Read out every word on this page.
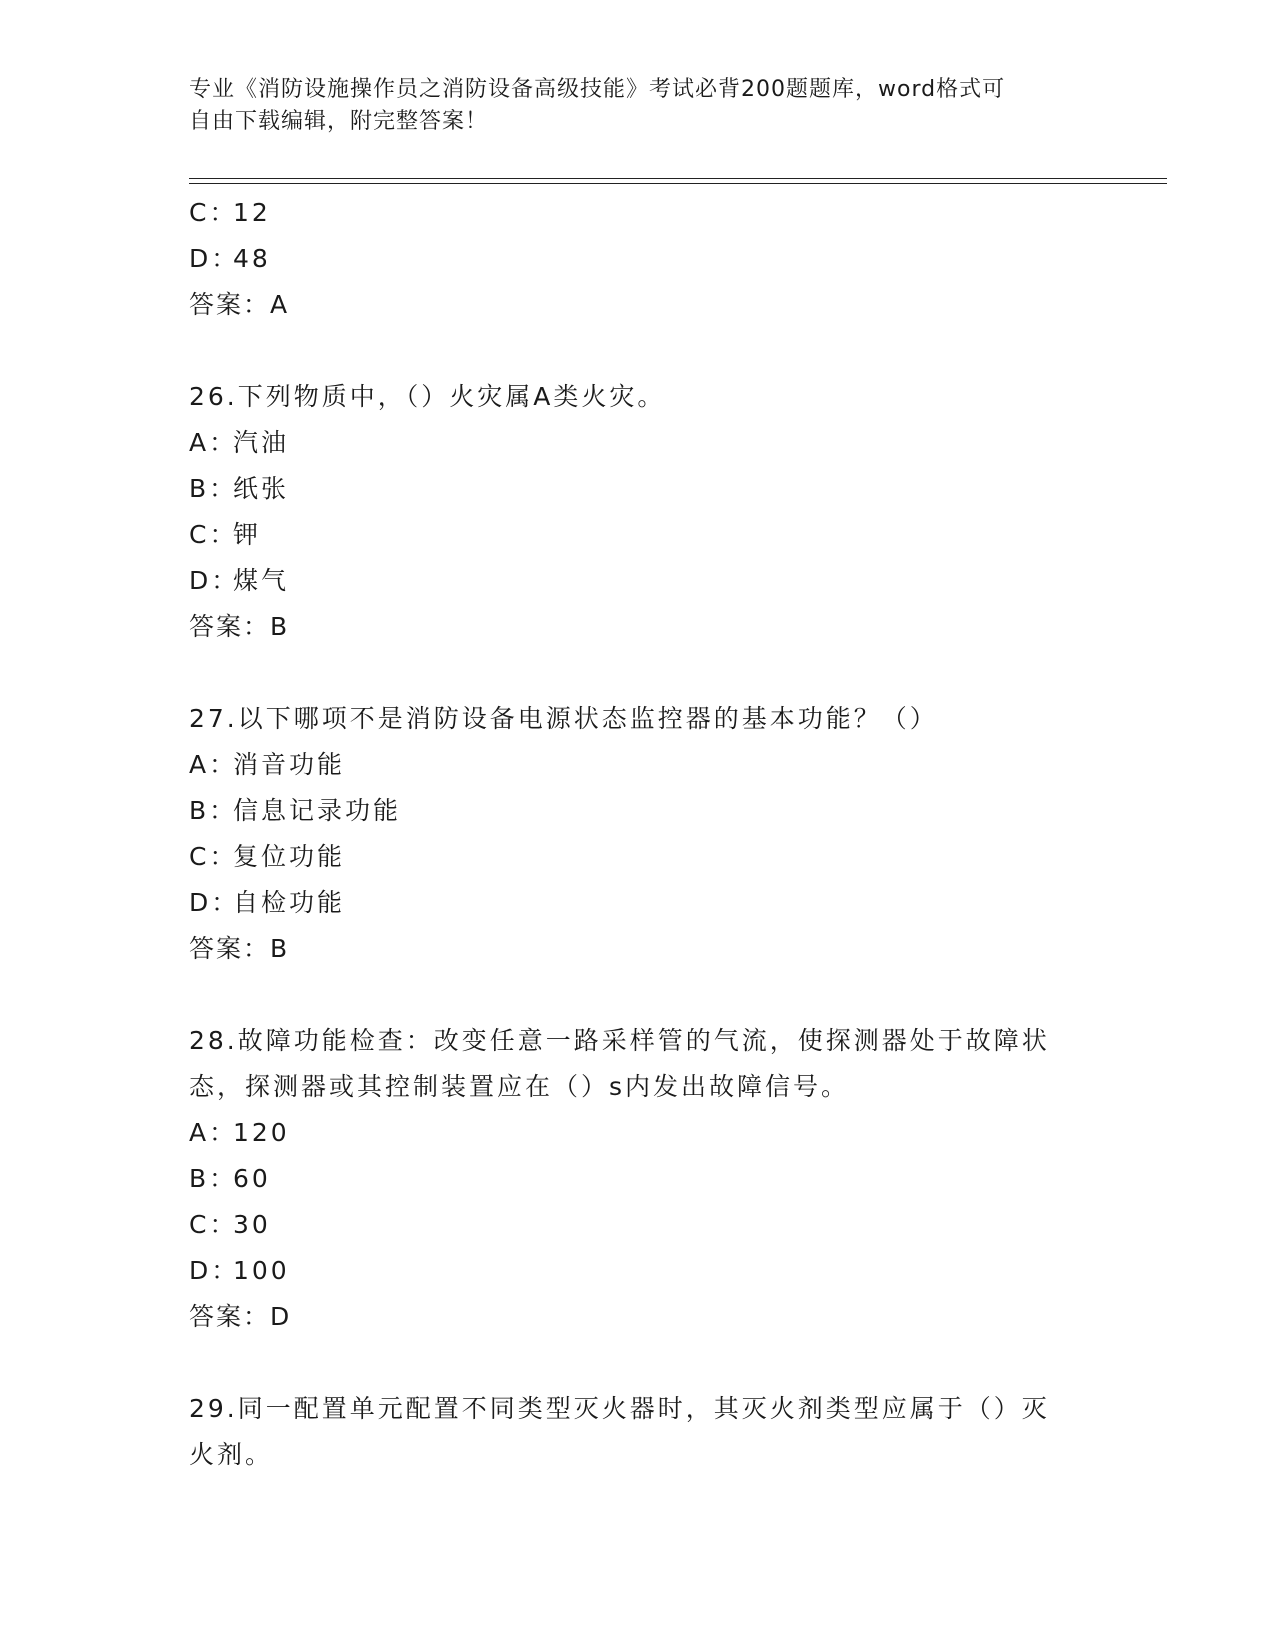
专业《消防设施操作员之消防设备高级技能》考试必背200题题库，word格式可
自由下载编辑，附完整答案！
C：12
D：48
答案：A
26.下列物质中，（）火灾属A类火灾。
A：汽油
B：纸张
C：钾
D：煤气
答案：B
27.以下哪项不是消防设备电源状态监控器的基本功能？（）
A：消音功能
B：信息记录功能
C：复位功能
D：自检功能
答案：B
28.故障功能检查：改变任意一路采样管的气流，使探测器处于故障状
态，探测器或其控制装置应在（）s内发出故障信号。
A：120
B：60
C：30
D：100
答案：D
29.同一配置单元配置不同类型灭火器时，其灭火剂类型应属于（）灭
火剂。
